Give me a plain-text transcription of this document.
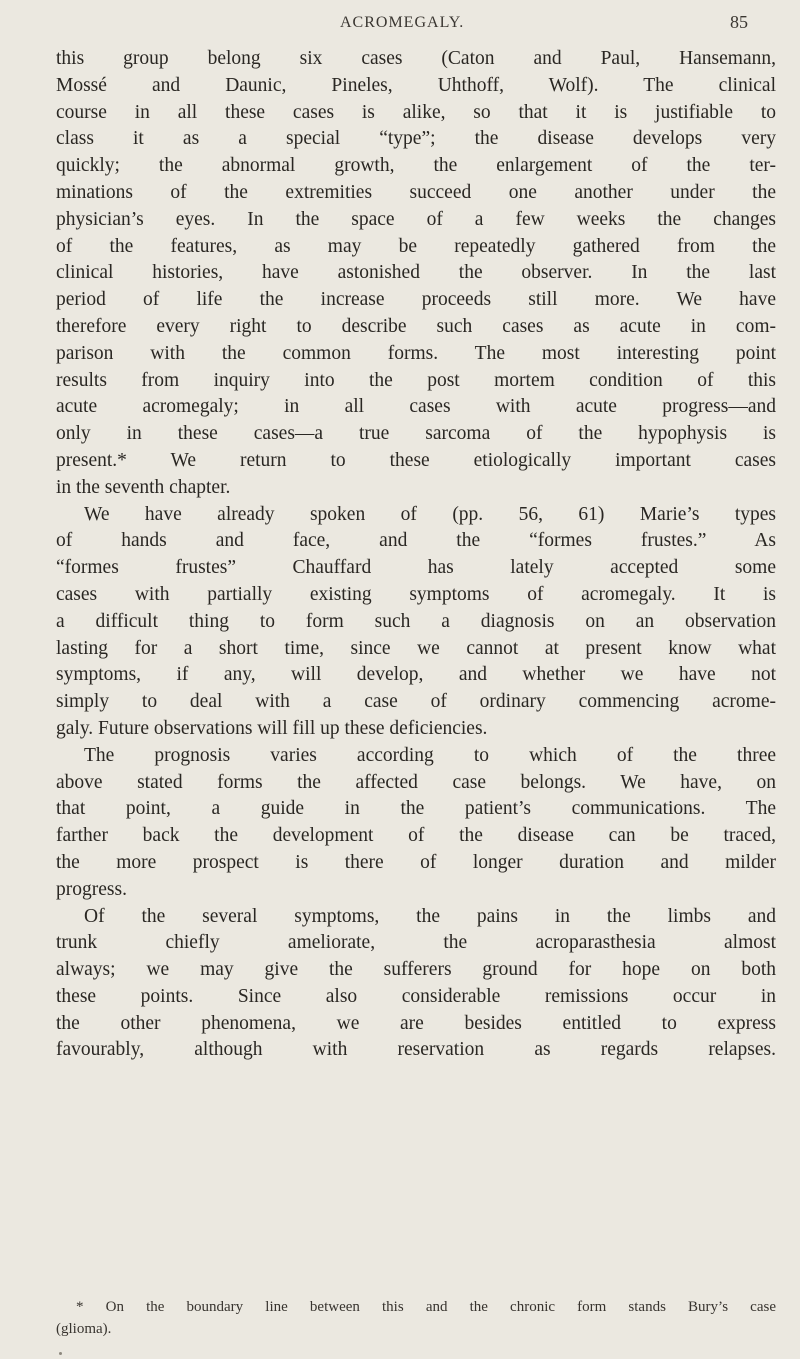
ACROMEGALY.	85
this group belong six cases (Caton and Paul, Hansemann,
Mossé and Daunic, Pineles, Uhthoff, Wolf). The clinical
course in all these cases is alike, so that it is justifiable to
class it as a special “type”; the disease develops very
quickly; the abnormal growth, the enlargement of the ter-
minations of the extremities succeed one another under the
physician’s eyes. In the space of a few weeks the changes
of the features, as may be repeatedly gathered from the
clinical histories, have astonished the observer. In the last
period of life the increase proceeds still more. We have
therefore every right to describe such cases as acute in com-
parison with the common forms. The most interesting point
results from inquiry into the post mortem condition of this
acute acromegaly; in all cases with acute progress—and
only in these cases—a true sarcoma of the hypophysis is
present.* We return to these etiologically important cases
in the seventh chapter.
We have already spoken of (pp. 56, 61) Marie’s types
of hands and face, and the “formes frustes.” As
“formes frustes” Chauffard has lately accepted some
cases with partially existing symptoms of acromegaly. It is
a difficult thing to form such a diagnosis on an observation
lasting for a short time, since we cannot at present know what
symptoms, if any, will develop, and whether we have not
simply to deal with a case of ordinary commencing acrome-
galy. Future observations will fill up these deficiencies.
The prognosis varies according to which of the three
above stated forms the affected case belongs. We have, on
that point, a guide in the patient’s communications. The
farther back the development of the disease can be traced,
the more prospect is there of longer duration and milder
progress.
Of the several symptoms, the pains in the limbs and
trunk chiefly ameliorate, the acroparasthesia almost
always; we may give the sufferers ground for hope on both
these points. Since also considerable remissions occur in
the other phenomena, we are besides entitled to express
favourably, although with reservation as regards relapses.
* On the boundary line between this and the chronic form stands Bury’s case
(glioma).
